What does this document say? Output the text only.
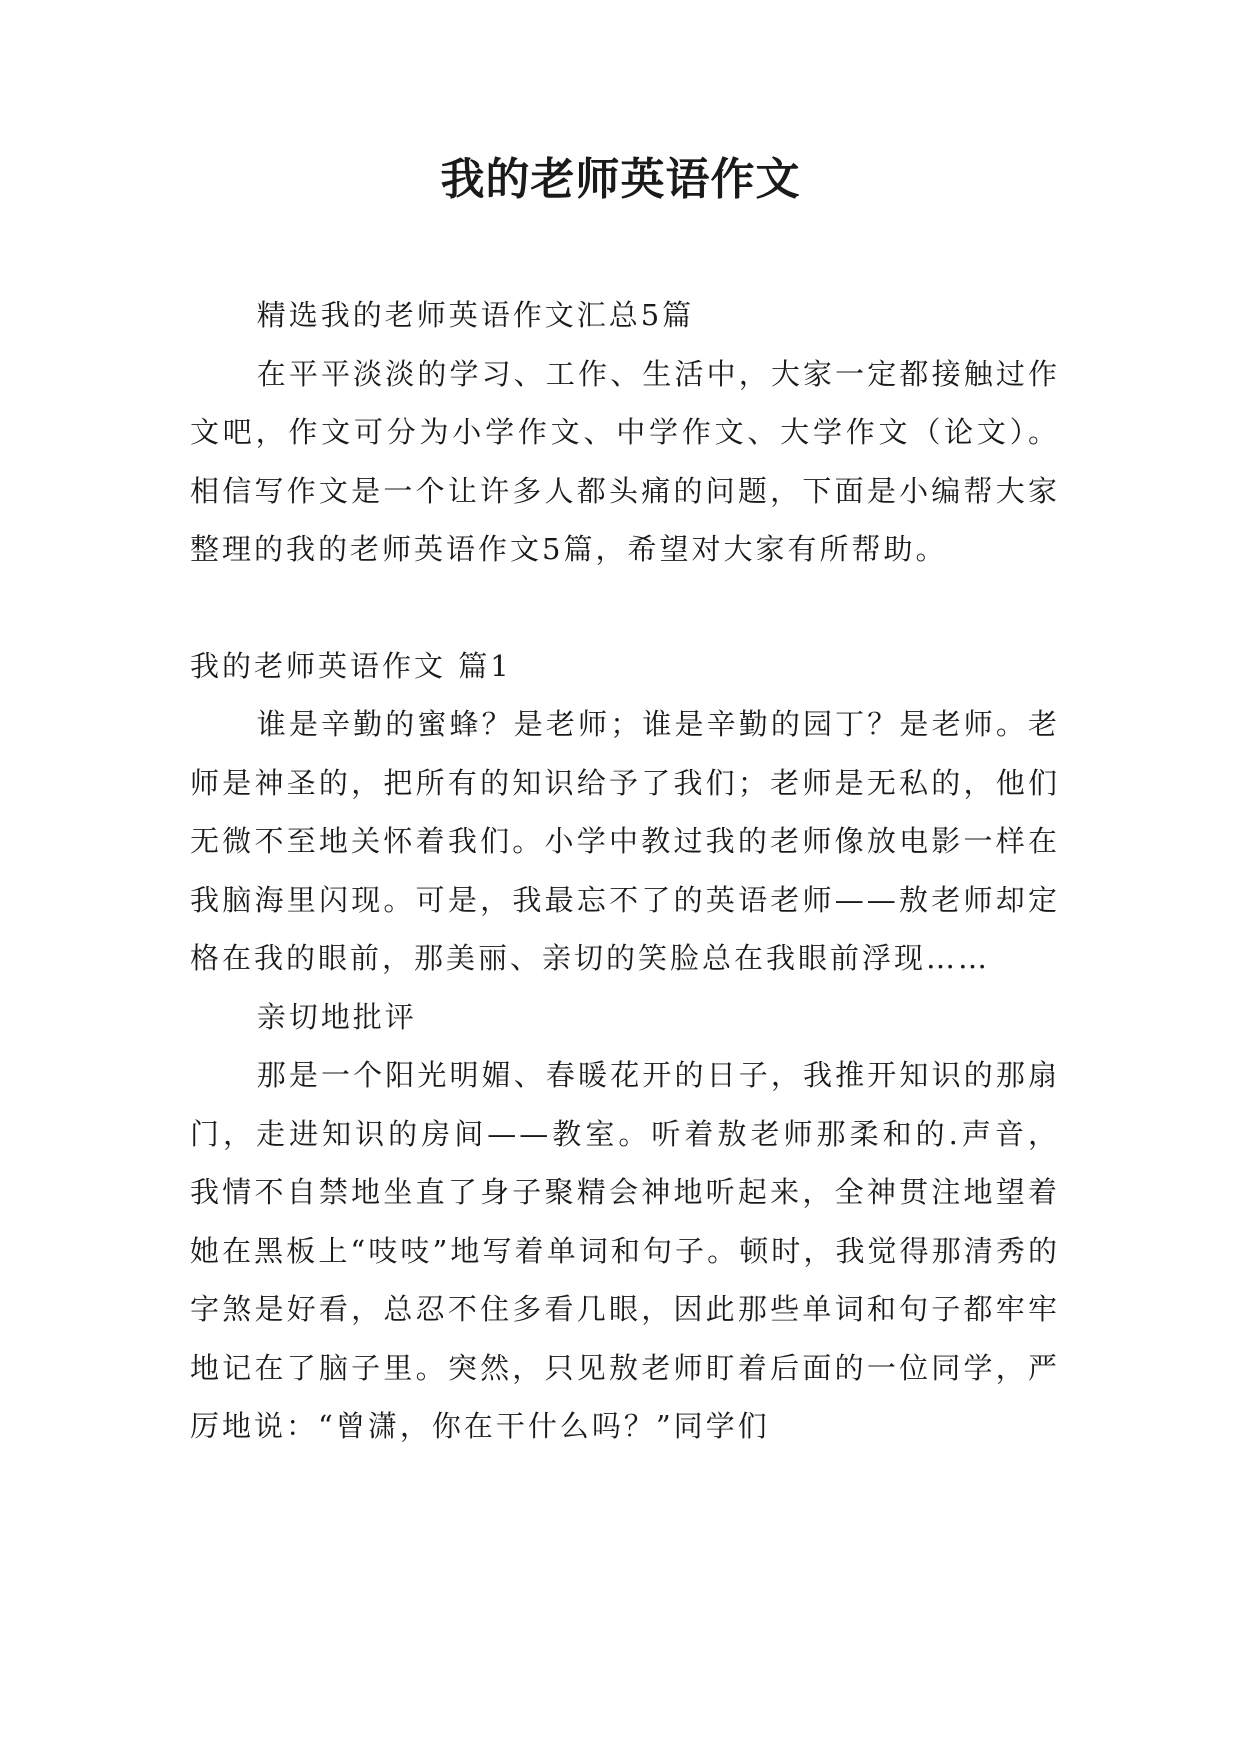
我的老师英语作文

精选我的老师英语作文汇总5篇

在平平淡淡的学习、工作、生活中，大家一定都接触过作文吧，作文可分为小学作文、中学作文、大学作文（论文）。相信写作文是一个让许多人都头痛的问题，下面是小编帮大家整理的我的老师英语作文5篇，希望对大家有所帮助。

我的老师英语作文 篇1

谁是辛勤的蜜蜂？是老师；谁是辛勤的园丁？是老师。老师是神圣的，把所有的知识给予了我们；老师是无私的，他们无微不至地关怀着我们。小学中教过我的老师像放电影一样在我脑海里闪现。可是，我最忘不了的英语老师——敖老师却定格在我的眼前，那美丽、亲切的笑脸总在我眼前浮现……

亲切地批评

那是一个阳光明媚、春暖花开的日子，我推开知识的那扇门，走进知识的房间——教室。听着敖老师那柔和的.声音，我情不自禁地坐直了身子聚精会神地听起来，全神贯注地望着她在黑板上“吱吱”地写着单词和句子。顿时，我觉得那清秀的字煞是好看，总忍不住多看几眼，因此那些单词和句子都牢牢地记在了脑子里。突然，只见敖老师盯着后面的一位同学，严厉地说：“曾潇，你在干什么吗？”同学们
